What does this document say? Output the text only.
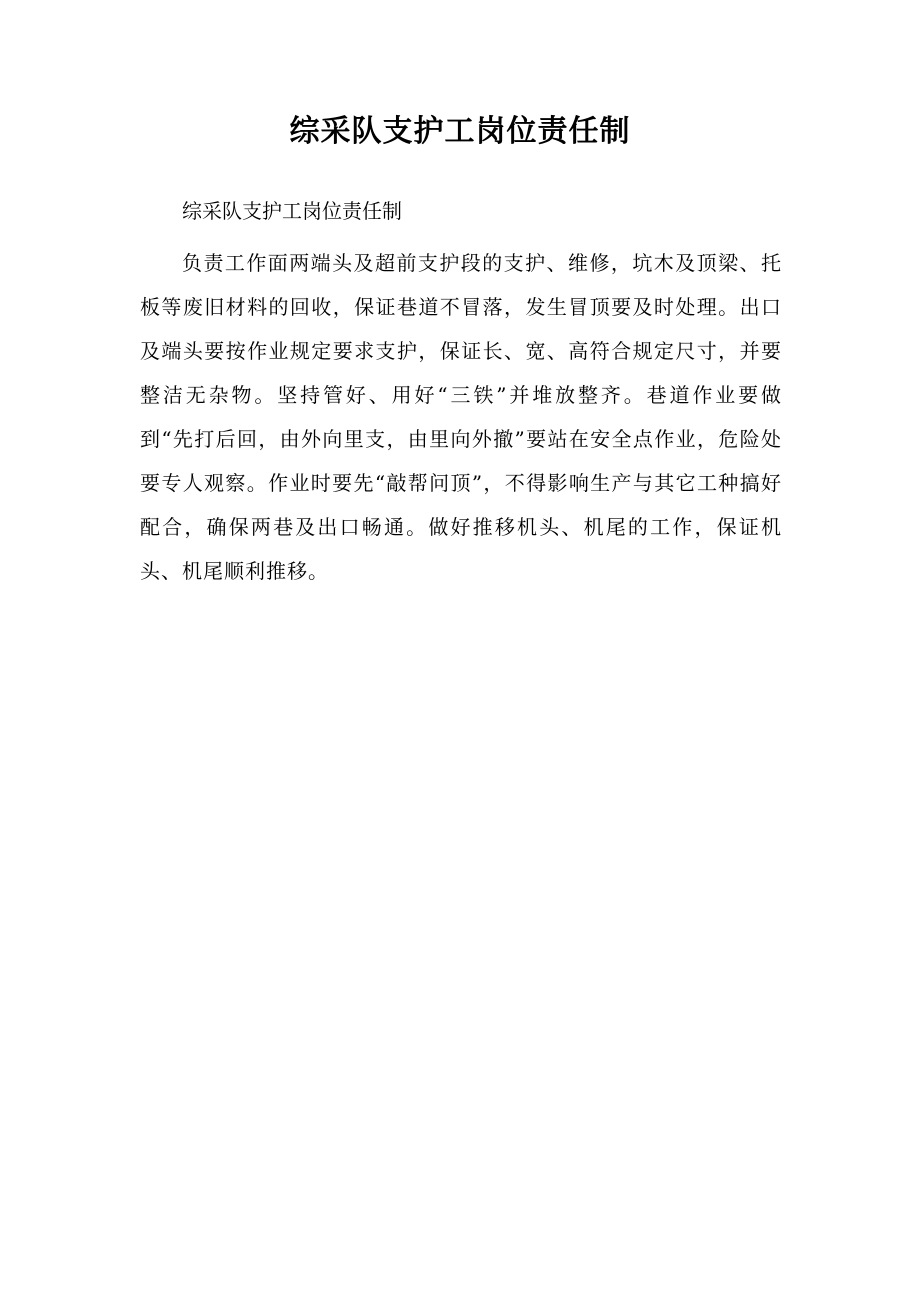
综采队支护工岗位责任制

综采队支护工岗位责任制

负责工作面两端头及超前支护段的支护、维修，坑木及顶梁、托板等废旧材料的回收，保证巷道不冒落，发生冒顶要及时处理。出口及端头要按作业规定要求支护，保证长、宽、高符合规定尺寸，并要整洁无杂物。坚持管好、用好“三铁”并堆放整齐。巷道作业要做到“先打后回，由外向里支，由里向外撤”要站在安全点作业，危险处要专人观察。作业时要先“敲帮问顶”，不得影响生产与其它工种搞好配合，确保两巷及出口畅通。做好推移机头、机尾的工作，保证机头、机尾顺利推移。
